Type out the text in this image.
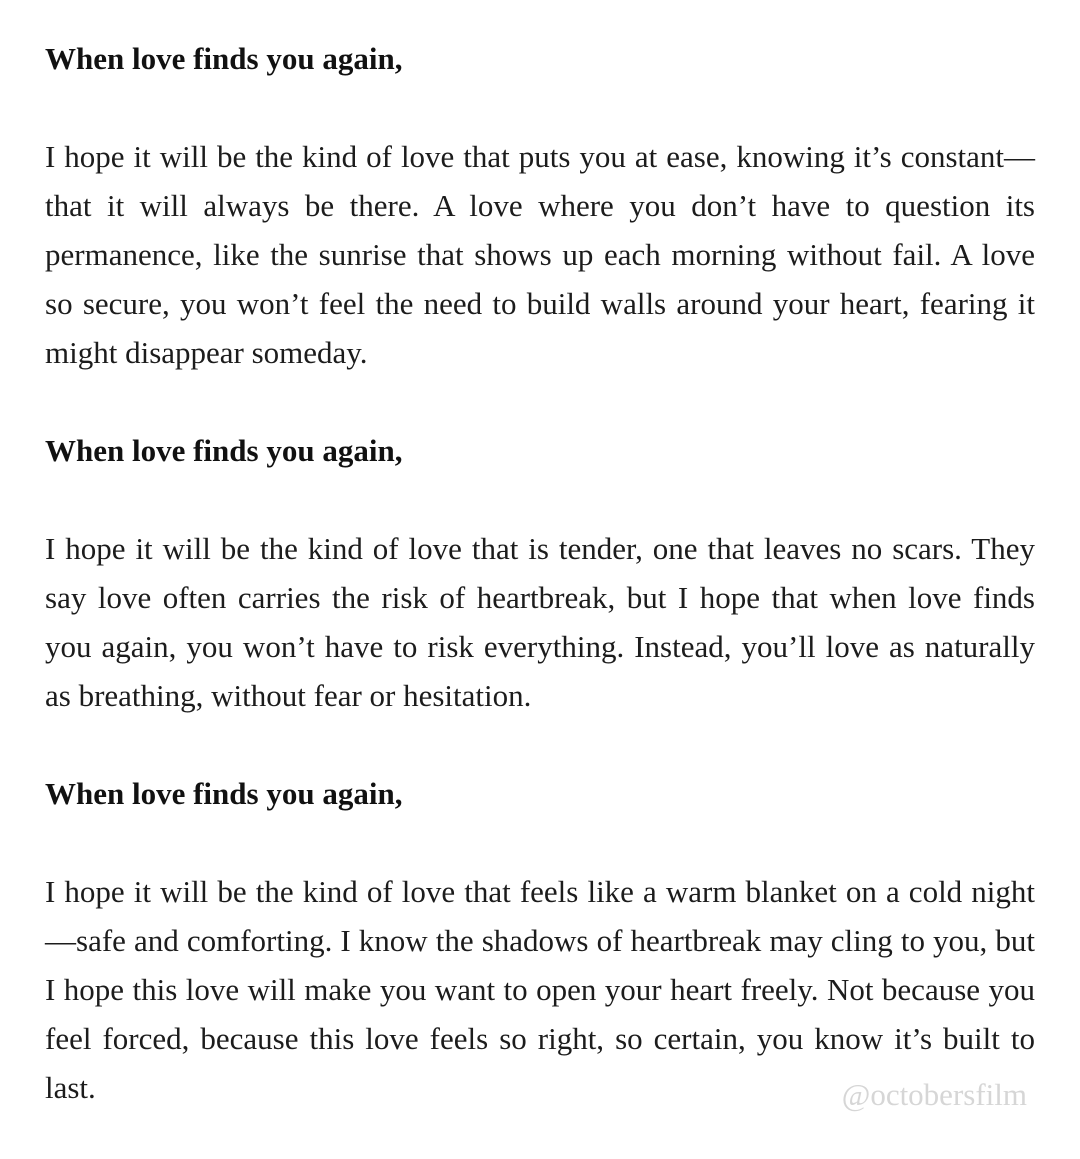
When love finds you again,

I hope it will be the kind of love that puts you at ease, knowing it’s constant—that it will always be there. A love where you don’t have to question its permanence, like the sunrise that shows up each morning without fail. A love so secure, you won’t feel the need to build walls around your heart, fearing it might disappear someday.

When love finds you again,

I hope it will be the kind of love that is tender, one that leaves no scars. They say love often carries the risk of heartbreak, but I hope that when love finds you again, you won’t have to risk everything. Instead, you’ll love as naturally as breathing, without fear or hesitation.

When love finds you again,

I hope it will be the kind of love that feels like a warm blanket on a cold night—safe and comforting. I know the shadows of heartbreak may cling to you, but I hope this love will make you want to open your heart freely. Not because you feel forced, because this love feels so right, so certain, you know it’s built to last.	@octobersfilm
